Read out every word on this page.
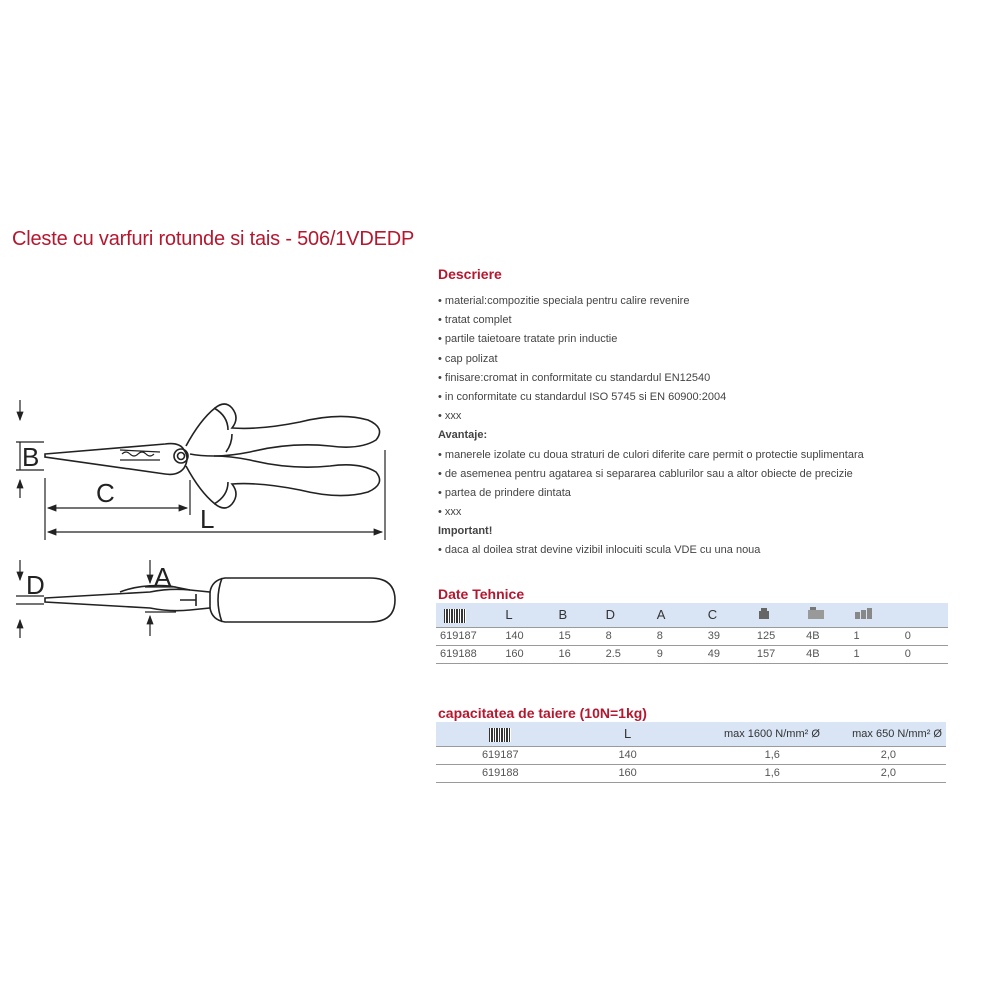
Cleste cu varfuri rotunde si tais - 506/1VDEDP
B
C
L
D	A
Descriere
• material:compozitie speciala pentru calire revenire
• tratat complet
• partile taietoare tratate prin inductie
• cap polizat
• finisare:cromat in conformitate cu standardul EN12540
• in conformitate cu standardul ISO 5745 si EN 60900:2004
• xxx
Avantaje:
• manerele izolate cu doua straturi de culori diferite care permit o protectie suplimentara
• de asemenea pentru agatarea si separarea cablurilor sau a altor obiecte de precizie
• partea de prindere dintata
• xxx
Important!
• daca al doilea strat devine vizibil inlocuiti scula VDE cu una noua
Date Tehnice
	L	B	D	A	C				
619187	140	15	8	8	39	125	4B	1	0
619188	160	16	2.5	9	49	157	4B	1	0
capacitatea de taiere (10N=1kg)
	L	max 1600 N/mm² Ø	max 650 N/mm² Ø
619187	140	1,6	2,0
619188	160	1,6	2,0
